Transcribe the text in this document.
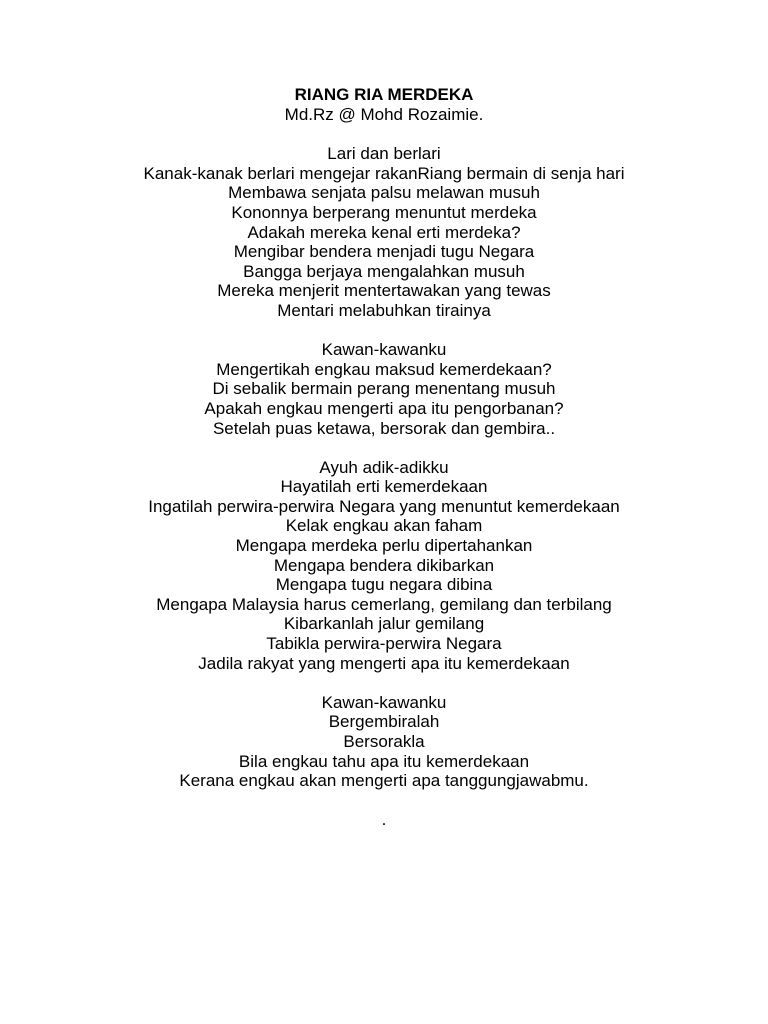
RIANG RIA MERDEKA

Md.Rz @ Mohd Rozaimie.

Lari dan berlari

Kanak-kanak berlari mengejar rakanRiang bermain di senja hari

Membawa senjata palsu melawan musuh

Kononnya berperang menuntut merdeka

Adakah mereka kenal erti merdeka?

Mengibar bendera menjadi tugu Negara

Bangga berjaya mengalahkan musuh

Mereka menjerit mentertawakan yang tewas

Mentari melabuhkan tirainya

Kawan-kawanku

Mengertikah engkau maksud kemerdekaan?

Di sebalik bermain perang menentang musuh

Apakah engkau mengerti apa itu pengorbanan?

Setelah puas ketawa, bersorak dan gembira..

Ayuh adik-adikku

Hayatilah erti kemerdekaan

Ingatilah perwira-perwira Negara yang menuntut kemerdekaan

Kelak engkau akan faham

Mengapa merdeka perlu dipertahankan

Mengapa bendera dikibarkan

Mengapa tugu negara dibina

Mengapa Malaysia harus cemerlang, gemilang dan terbilang

Kibarkanlah jalur gemilang

Tabikla perwira-perwira Negara

Jadila rakyat yang mengerti apa itu kemerdekaan

Kawan-kawanku

Bergembiralah

Bersorakla

Bila engkau tahu apa itu kemerdekaan

Kerana engkau akan mengerti apa tanggungjawabmu.

.
